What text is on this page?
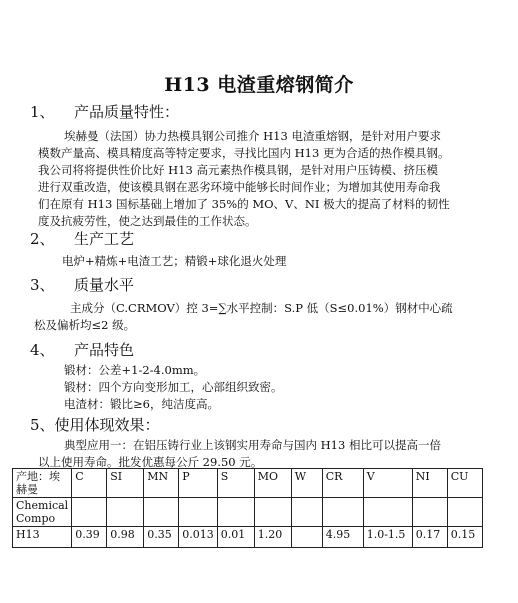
H13 电渣重熔钢简介
1、 产品质量特性：
埃赫曼（法国）协力热模具钢公司推介 H13 电渣重熔钢，是针对用户要求
模数产量高、模具精度高等特定要求，寻找比国内 H13 更为合适的热作模具钢。
我公司将将提供性价比好 H13 高元素热作模具钢，是针对用户压铸模、挤压模
进行双重改造，使该模具钢在恶劣环境中能够长时间作业；为增加其使用寿命我
们在原有 H13 国标基础上增加了 35%的 MO、V、NI 极大的提高了材料的韧性
度及抗疲劳性，使之达到最佳的工作状态。
2、 生产工艺
电炉+精炼+电渣工艺；精锻+球化退火处理
3、 质量水平
主成分（C.CRMOV）控 3=∑水平控制：S.P 低（S≤0.01%）钢材中心疏
松及偏析均≤2 级。
4、 产品特色
锻材：公差+1-2-4.0mm。
锻材：四个方向变形加工，心部组织致密。
电渣材：锻比≥6，纯洁度高。
5、使用体现效果：
典型应用一：在铝压铸行业上该钢实用寿命与国内 H13 相比可以提高一倍
以上使用寿命。批发优惠每公斤 29.50 元。
产地：埃赫曼	C	SI	MN	P	S	MO	W	CR	V	NI	CU
Chemical Compo											
H13	0.39	0.98	0.35	0.013	0.01	1.20		4.95	1.0-1.5	0.17	0.15
